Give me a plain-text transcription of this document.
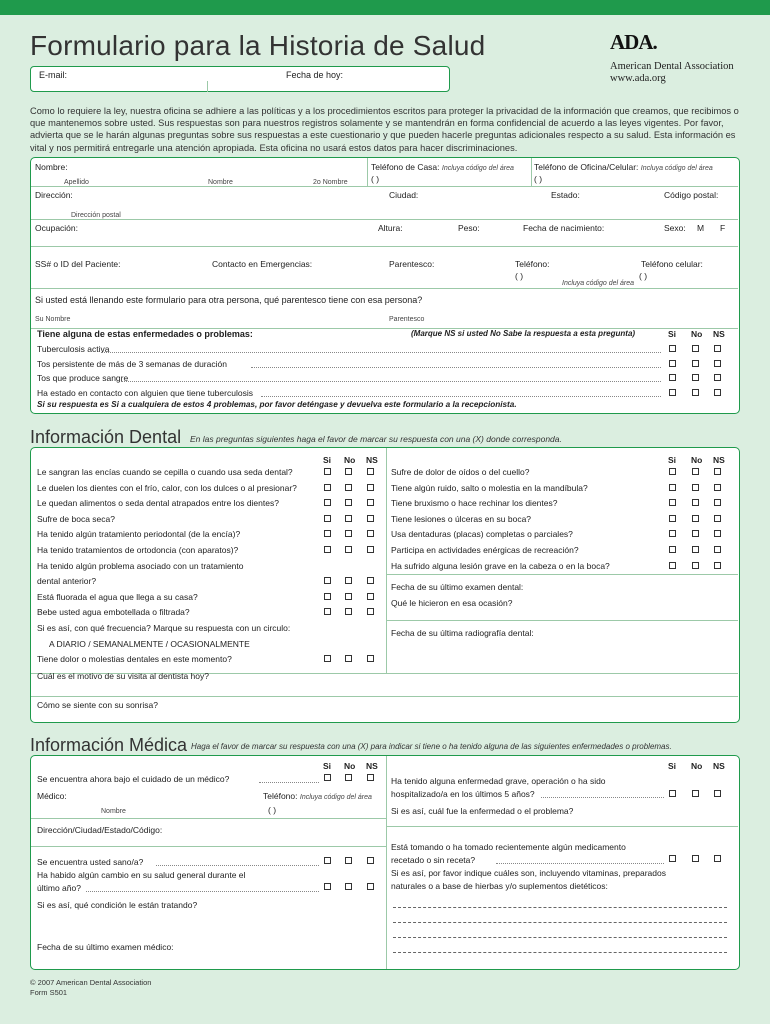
Formulario para la Historia de Salud	ADA.
American Dental Association
www.ada.org
E-mail:	Fecha de hoy:
Como lo requiere la ley, nuestra oficina se adhiere a las políticas y a los procedimientos escritos para proteger la privacidad de la información que creamos, que recibimos o que mantenemos sobre usted. Sus respuestas son para nuestros registros solamente y se mantendrán en forma confidencial de acuerdo a las leyes vigentes. Por favor, advierta que se le harán algunas preguntas sobre sus respuestas a este cuestionario y que pueden hacerle preguntas adicionales respecto a su salud. Esta información es vital y nos permitirá entregarle una atención apropiada. Esta oficina no usará estos datos para hacer discriminaciones.
Nombre:
Apellido	Nombre	2o Nombre
Teléfono de Casa: Incluya código del área
( )
Teléfono de Oficina/Celular: Incluya código del área
( )
Dirección:
Dirección postal
Ciudad:	Estado:	Código postal:
Ocupación:	Altura:	Peso:	Fecha de nacimiento:	Sexo: M F
SS# o ID del Paciente:	Contacto en Emergencias:	Parentesco:	Teléfono:
( )
Incluya código del área
Teléfono celular:
( )
Si usted está llenando este formulario para otra persona, qué parentesco tiene con esa persona?
Su Nombre	Parentesco
Tiene alguna de estas enfermedades o problemas:	(Marque NS si usted No Sabe la respuesta a esta pregunta)	Si No NS
Si su respuesta es Si a cualquiera de estos 4 problemas, por favor deténgase y devuelva este formulario a la recepcionista.
Tuberculosis activa
Tos persistente de más de 3 semanas de duración
Tos que produce sangre
Ha estado en contacto con alguien que tiene tuberculosis
Información Dental En las preguntas siguientes haga el favor de marcar su respuesta con una (X) donde corresponda.
Si No NS	Si No NS
Fecha de su último examen dental:
Qué le hicieron en esa ocasión?
Fecha de su última radiografía dental:
Cuál es el motivo de su visita al dentista hoy?
Cómo se siente con su sonrisa?
Le sangran las encías cuando se cepilla o cuando usa seda dental?
Le duelen los dientes con el frío, calor, con los dulces o al presionar?
Le quedan alimentos o seda dental atrapados entre los dientes?
Sufre de boca seca?
Ha tenido algún tratamiento periodontal (de la encía)?
Ha tenido tratamientos de ortodoncia (con aparatos)?
Ha tenido algún problema asociado con un tratamiento
dental anterior?
Está fluorada el agua que llega a su casa?
Bebe usted agua embotellada o filtrada?
Si es así, con qué frecuencia? Marque su respuesta con un circulo:
A DIARIO / SEMANALMENTE / OCASIONALMENTE
Tiene dolor o molestias dentales en este momento?
Sufre de dolor de oídos o del cuello?
Tiene algún ruido, salto o molestia en la mandíbula?
Tiene bruxismo o hace rechinar los dientes?
Tiene lesiones o úlceras en su boca?
Usa dentaduras (placas) completas o parciales?
Participa en actividades enérgicas de recreación?
Ha sufrido alguna lesión grave en la cabeza o en la boca?
Información Médica Haga el favor de marcar su respuesta con una (X) para indicar si tiene o ha tenido alguna de las siguientes enfermedades o problemas.
Si No NS	Si No NS
Se encuentra ahora bajo el cuidado de un médico?
Médico:
Nombre
Teléfono: Incluya código del área
( )
Dirección/Ciudad/Estado/Código:
Se encuentra usted sano/a?
Ha habido algún cambio en su salud general durante el
último año?
Si es así, qué condición le están tratando?
Fecha de su último examen médico:
Ha tenido alguna enfermedad grave, operación o ha sido
hospitalizado/a en los últimos 5 años?
Si es así, cuál fue la enfermedad o el problema?
Está tomando o ha tomado recientemente algún medicamento
recetado o sin receta?
Si es así, por favor indique cuáles son, incluyendo vitaminas, preparados
naturales o a base de hierbas y/o suplementos dietéticos:
© 2007 American Dental Association
Form S501
